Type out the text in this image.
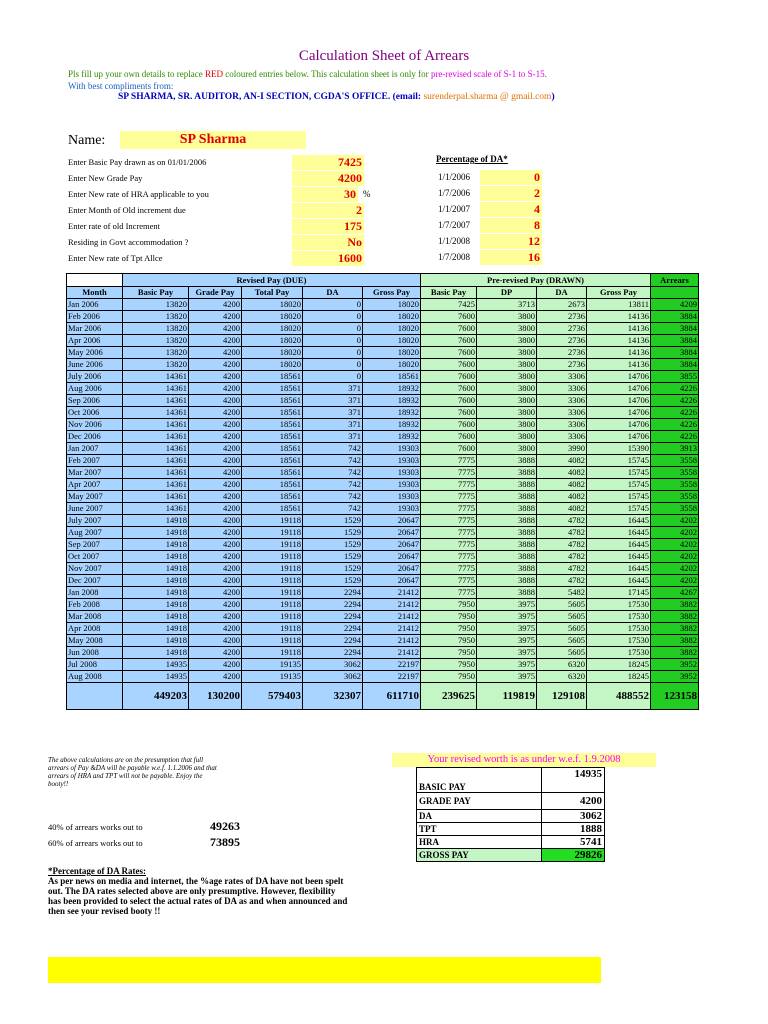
Calculation Sheet of Arrears
Pls fill up your own details to replace RED coloured entries below. This calculation sheet is only for pre-revised scale of S-1 to S-15.
With best compliments from:
SP SHARMA, SR. AUDITOR, AN-I SECTION, CGDA'S OFFICE. (email: surenderpal.sharma @ gmail.com)
Name:	SP Sharma
Enter Basic Pay drawn as on 01/01/2006	7425
Enter New Grade Pay	4200
Enter New rate of HRA applicable to you	30
Enter Month of Old increment due	2
Enter rate of old Increment	175
Residing in Govt accommodation ?	No
Enter New rate of Tpt Allce	1600
%
Percentage of DA*
1/1/2006	0
1/7/2006	2
1/1/2007	4
1/7/2007	8
1/1/2008	12
1/7/2008	16
	Revised Pay (DUE)					Pre-revised Pay (DRAWN)				Arrears
Month	Basic Pay	Grade Pay	Total Pay	DA	Gross Pay	Basic Pay	DP	DA	Gross Pay	
Jan 2006	13820	4200	18020	0	18020	7425	3713	2673	13811	4209
Feb 2006	13820	4200	18020	0	18020	7600	3800	2736	14136	3884
Mar 2006	13820	4200	18020	0	18020	7600	3800	2736	14136	3884
Apr 2006	13820	4200	18020	0	18020	7600	3800	2736	14136	3884
May 2006	13820	4200	18020	0	18020	7600	3800	2736	14136	3884
June 2006	13820	4200	18020	0	18020	7600	3800	2736	14136	3884
July 2006	14361	4200	18561	0	18561	7600	3800	3306	14706	3855
Aug 2006	14361	4200	18561	371	18932	7600	3800	3306	14706	4226
Sep 2006	14361	4200	18561	371	18932	7600	3800	3306	14706	4226
Oct 2006	14361	4200	18561	371	18932	7600	3800	3306	14706	4226
Nov 2006	14361	4200	18561	371	18932	7600	3800	3306	14706	4226
Dec 2006	14361	4200	18561	371	18932	7600	3800	3306	14706	4226
Jan 2007	14361	4200	18561	742	19303	7600	3800	3990	15390	3913
Feb 2007	14361	4200	18561	742	19303	7775	3888	4082	15745	3558
Mar 2007	14361	4200	18561	742	19303	7775	3888	4082	15745	3558
Apr 2007	14361	4200	18561	742	19303	7775	3888	4082	15745	3558
May 2007	14361	4200	18561	742	19303	7775	3888	4082	15745	3558
June 2007	14361	4200	18561	742	19303	7775	3888	4082	15745	3558
July 2007	14918	4200	19118	1529	20647	7775	3888	4782	16445	4202
Aug 2007	14918	4200	19118	1529	20647	7775	3888	4782	16445	4202
Sep 2007	14918	4200	19118	1529	20647	7775	3888	4782	16445	4202
Oct 2007	14918	4200	19118	1529	20647	7775	3888	4782	16445	4202
Nov 2007	14918	4200	19118	1529	20647	7775	3888	4782	16445	4202
Dec 2007	14918	4200	19118	1529	20647	7775	3888	4782	16445	4202
Jan 2008	14918	4200	19118	2294	21412	7775	3888	5482	17145	4267
Feb 2008	14918	4200	19118	2294	21412	7950	3975	5605	17530	3882
Mar 2008	14918	4200	19118	2294	21412	7950	3975	5605	17530	3882
Apr 2008	14918	4200	19118	2294	21412	7950	3975	5605	17530	3882
May 2008	14918	4200	19118	2294	21412	7950	3975	5605	17530	3882
Jun 2008	14918	4200	19118	2294	21412	7950	3975	5605	17530	3882
Jul 2008	14935	4200	19135	3062	22197	7950	3975	6320	18245	3952
Aug 2008	14935	4200	19135	3062	22197	7950	3975	6320	18245	3952
	449203	130200	579403	32307	611710	239625	119819	129108	488552	123158
The above calculations are on the presumption that full arrears of Pay &DA will be payable w.e.f. 1.1.2006 and that arrears of HRA and TPT will not be payable. Enjoy the booty!!
40% of arrears works out to	49263
60% of arrears works out to	73895
*Percentage of DA Rates:
As per news on media and internet, the %age rates of DA have not been spelt out. The DA rates selected above are only presumptive. However, flexibility has been provided to select the actual rates of DA as and when announced and then see your revised booty !!
Your revised worth is as under w.e.f. 1.9.2008
BASIC PAY	14935
GRADE PAY	4200
DA	3062
TPT	1888
HRA	5741
GROSS PAY	29826
